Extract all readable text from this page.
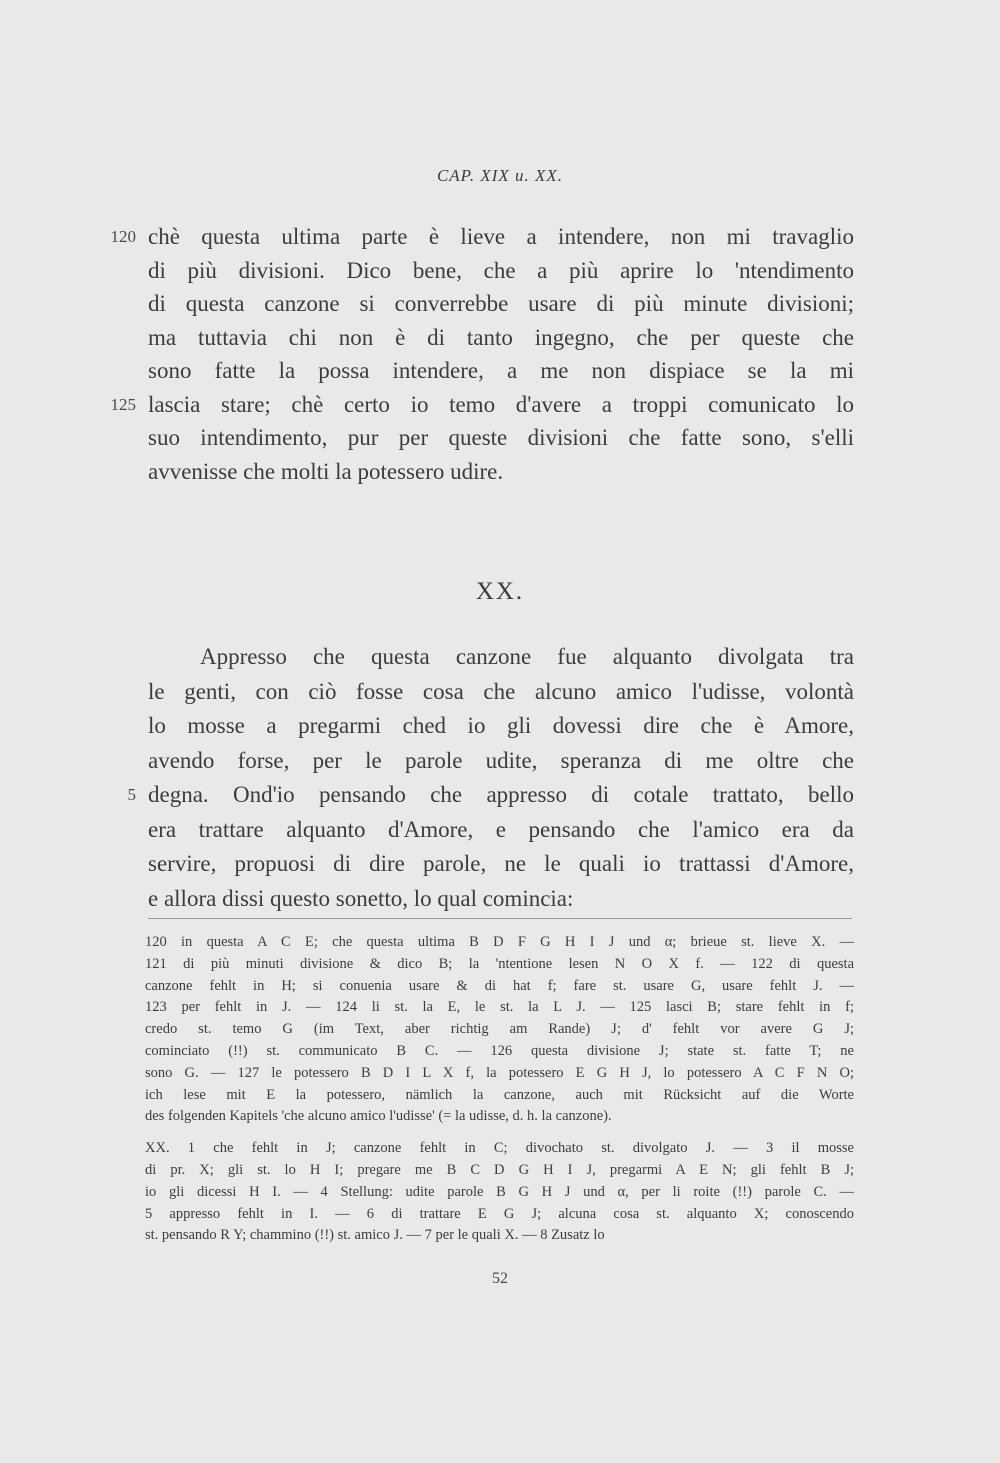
CAP. XIX u. XX.
chè questa ultima parte è lieve a intendere, non mi travaglio
120
di più divisioni. Dico bene, che a più aprire lo 'ntendimento
di questa canzone si converrebbe usare di più minute divisioni;
ma tuttavia chi non è di tanto ingegno, che per queste che
sono fatte la possa intendere, a me non dispiace se la mi
lascia stare; chè certo io temo d'avere a troppi comunicato lo
125
suo intendimento, pur per queste divisioni che fatte sono, s'elli
avvenisse che molti la potessero udire.
XX.
Appresso che questa canzone fue alquanto divolgata tra
le genti, con ciò fosse cosa che alcuno amico l'udisse, volontà
lo mosse a pregarmi ched io gli dovessi dire che è Amore,
avendo forse, per le parole udite, speranza di me oltre che
degna. Ond'io pensando che appresso di cotale trattato, bello
5
era trattare alquanto d'Amore, e pensando che l'amico era da
servire, propuosi di dire parole, ne le quali io trattassi d'Amore,
e allora dissi questo sonetto, lo qual comincia:
120 in questa A C E; che questa ultima B D F G H I J und α; brieue st. lieve X. —
121 di più minuti divisione & dico B; la 'ntentione lesen N O X f. — 122 di questa
canzone fehlt in H; si conuenia usare & di hat f; fare st. usare G, usare fehlt J. —
123 per fehlt in J. — 124 li st. la E, le st. la L J. — 125 lasci B; stare fehlt in f;
credo st. temo G (im Text, aber richtig am Rande) J; d' fehlt vor avere G J;
cominciato (!!) st. communicato B C. — 126 questa divisione J; state st. fatte T; ne
sono G. — 127 le potessero B D I L X f, la potessero E G H J, lo potessero A C F N O;
ich lese mit E la potessero, nämlich la canzone, auch mit Rücksicht auf die Worte
des folgenden Kapitels 'che alcuno amico l'udisse' (= la udisse, d. h. la canzone).
XX. 1 che fehlt in J; canzone fehlt in C; divochato st. divolgato J. — 3 il mosse
di pr. X; gli st. lo H I; pregare me B C D G H I J, pregarmi A E N; gli fehlt B J;
io gli dicessi H I. — 4 Stellung: udite parole B G H J und α, per li roite (!!) parole C. —
5 appresso fehlt in I. — 6 di trattare E G J; alcuna cosa st. alquanto X; conoscendo
st. pensando R Y; chammino (!!) st. amico J. — 7 per le quali X. — 8 Zusatz lo
52
